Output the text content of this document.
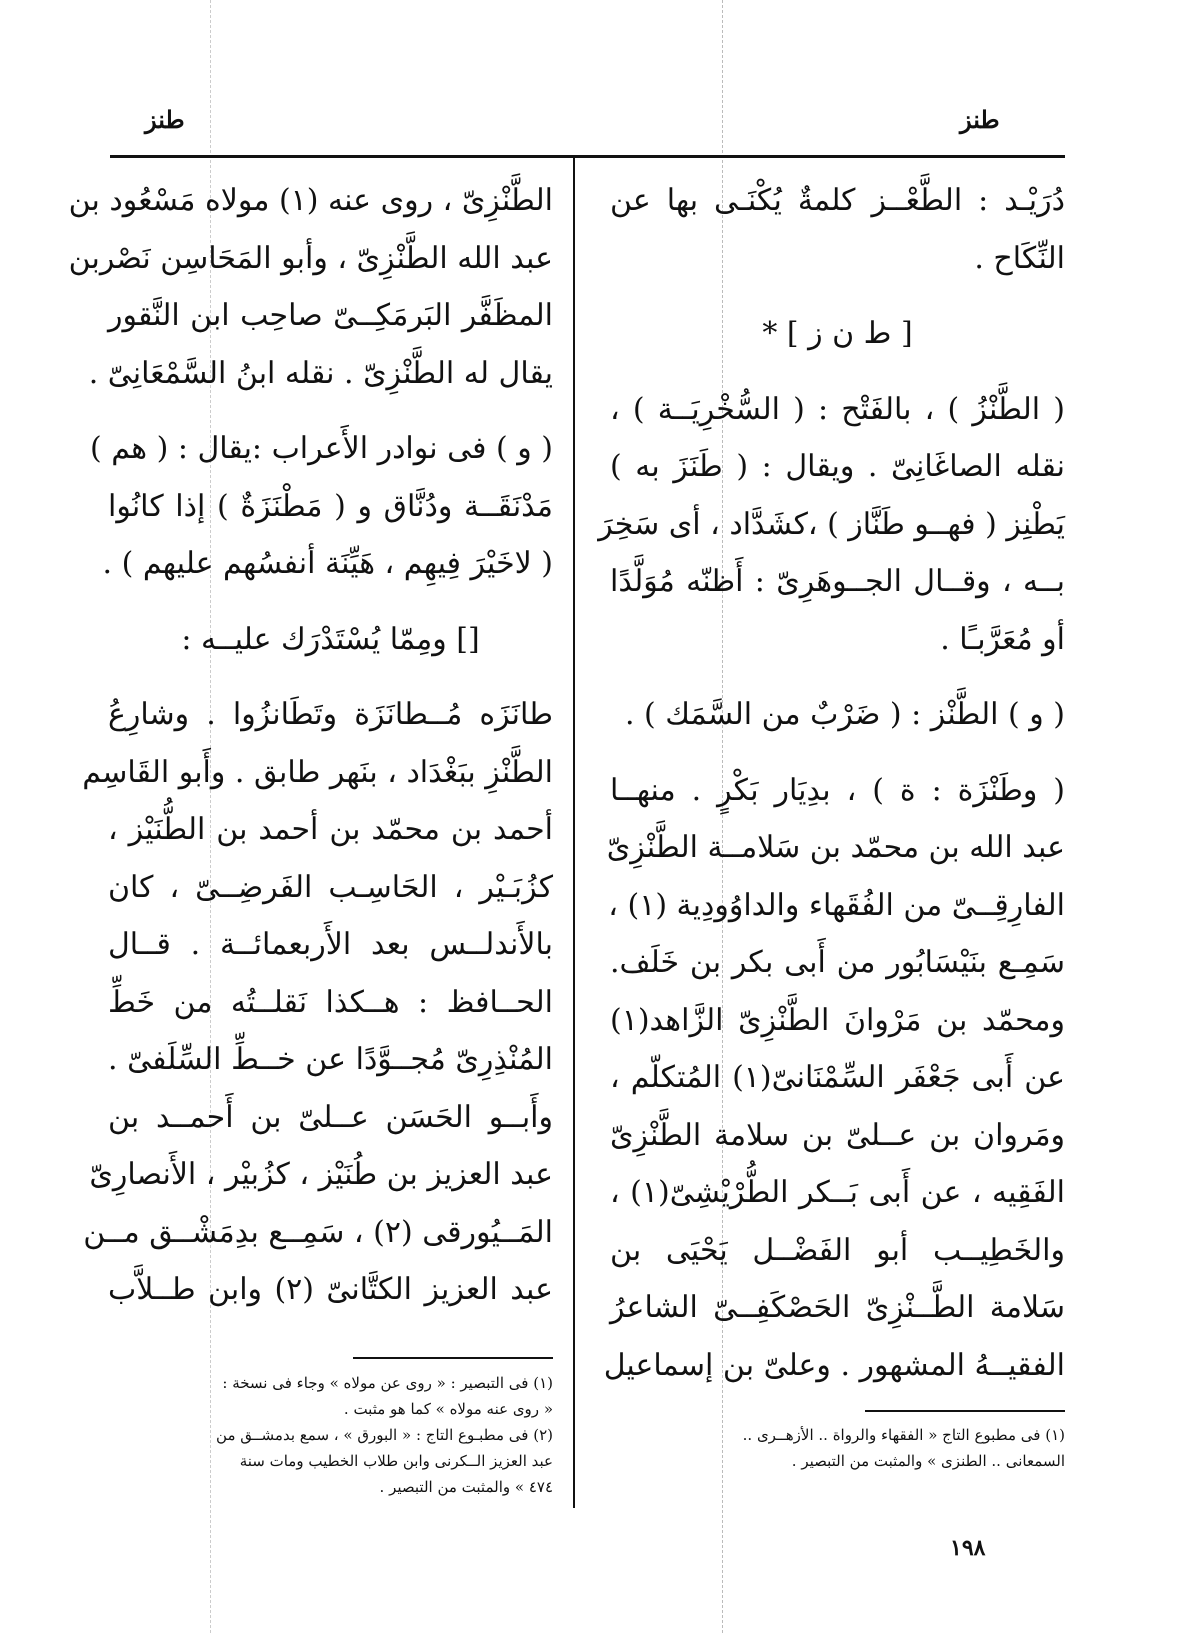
طنز
طنز
دُرَيْـد : الطَّعْــز كلمةٌ يُكْنَـى بها عن
النِّكَاح .
[ ط ن ز ] *
( الطَّنْزُ ) ، بالفَتْح : ( السُّخْرِيَــة ) ،
نقله الصاغَانِىّ . ويقال : ( طَنَزَ به )
يَطْنِز ( فهــو طَنَّاز ) ،كشَدَّاد ، أى سَخِرَ
بــه ، وقــال الجــوهَرِىّ : أَظنّه مُوَلَّدًا
أو مُعَرَّبـًا .
( و ) الطَّنْز : ( ضَرْبٌ من السَّمَك ) .
( وطَنْزَة : ة ) ، بدِيَار بَكْرٍ . منهــا
عبد الله بن محمّد بن سَلامــة الطَّنْزِىّ
الفارِقِــىّ من الفُقَهاء والداوُودِية (١) ،
سَمِـع بنَيْسَابُور من أَبى بكر بن خَلَف.
ومحمّد بن مَرْوانَ الطَّنْزِىّ الزَّاهد(١)
عن أَبى جَعْفَر السِّمْنَانىّ(١) المُتكلّم ،
ومَروان بن عــلىّ بن سلامة الطَّنْزِىّ
الفَقِيه ، عن أَبى بَــكر الطُّرْيْشِىّ(١) ،
والخَطِيــب أبو الفَضْــل يَحْيَى بن
سَلامة الطَّــنْزِىّ الحَصْكَفِــىّ الشاعرُ
الفقيــهُ المشهور . وعلىّ بن إسماعيل
الطَّنْزِىّ ، روى عنه (١) مولاه مَسْعُود بن
عبد الله الطَّنْزِىّ ، وأبو المَحَاسِن نَصْربن
المظَفَّر البَرمَكِــىّ صاحِب ابن النَّقور
يقال له الطَّنْزِىّ . نقله ابنُ السَّمْعَانِىّ .
( و ) فى نوادر الأَعراب :يقال : ( هم )
مَدْنَقَــة ودُنَّاق و ( مَطْنَزَةٌ ) إذا كانُوا
( لاخَيْرَ فِيهِم ، هَيِّنَة أنفسُهم عليهم ) .
[] ومِمّا يُسْتَدْرَك عليــه :
طانَزَه مُــطانَزَة وتَطَانزُوا . وشارِعُ
الطَّنْزِ ببَغْدَاد ، بنَهر طابق . وأَبو القَاسِم
أحمد بن محمّد بن أحمد بن الطُّنَيْز ،
كزُبَـيْر ، الحَاسِـب الفَرضِــىّ ، كان
بالأَندلــس بعد الأَربعمائــة . قــال
الحــافظ : هــكذا نَقلــتُه من خَطِّ
المُنْذِرِىّ مُجــوَّدًا عن خــطِّ السِّلَفىّ .
وأَبــو الحَسَن عــلىّ بن أَحمــد بن
عبد العزيز بن طُنَيْز ، كزُبيْر ، الأَنصارِىّ
المَــيُورقى (٢) ، سَمِــع بدِمَشْــق مــن
عبد العزيز الكتَّانىّ (٢) وابن طــلاَّب
(١) فى مطبوع التاج « الفقهاء والرواة .. الأزهــرى ..
السمعانى .. الطنزى » والمثبت من التبصير .
(١) فى التبصير : « روى عن مولاه » وجاء فى نسخة :
« روى عنه مولاه » كما هو مثبت .
(٢) فى مطبـوع التاج : « البورق » ، سمع بدمشــق من
عبد العزيز الــكرنى وابن طلاب الخطيب ومات سنة
٤٧٤ » والمثبت من التبصير .
١٩٨
